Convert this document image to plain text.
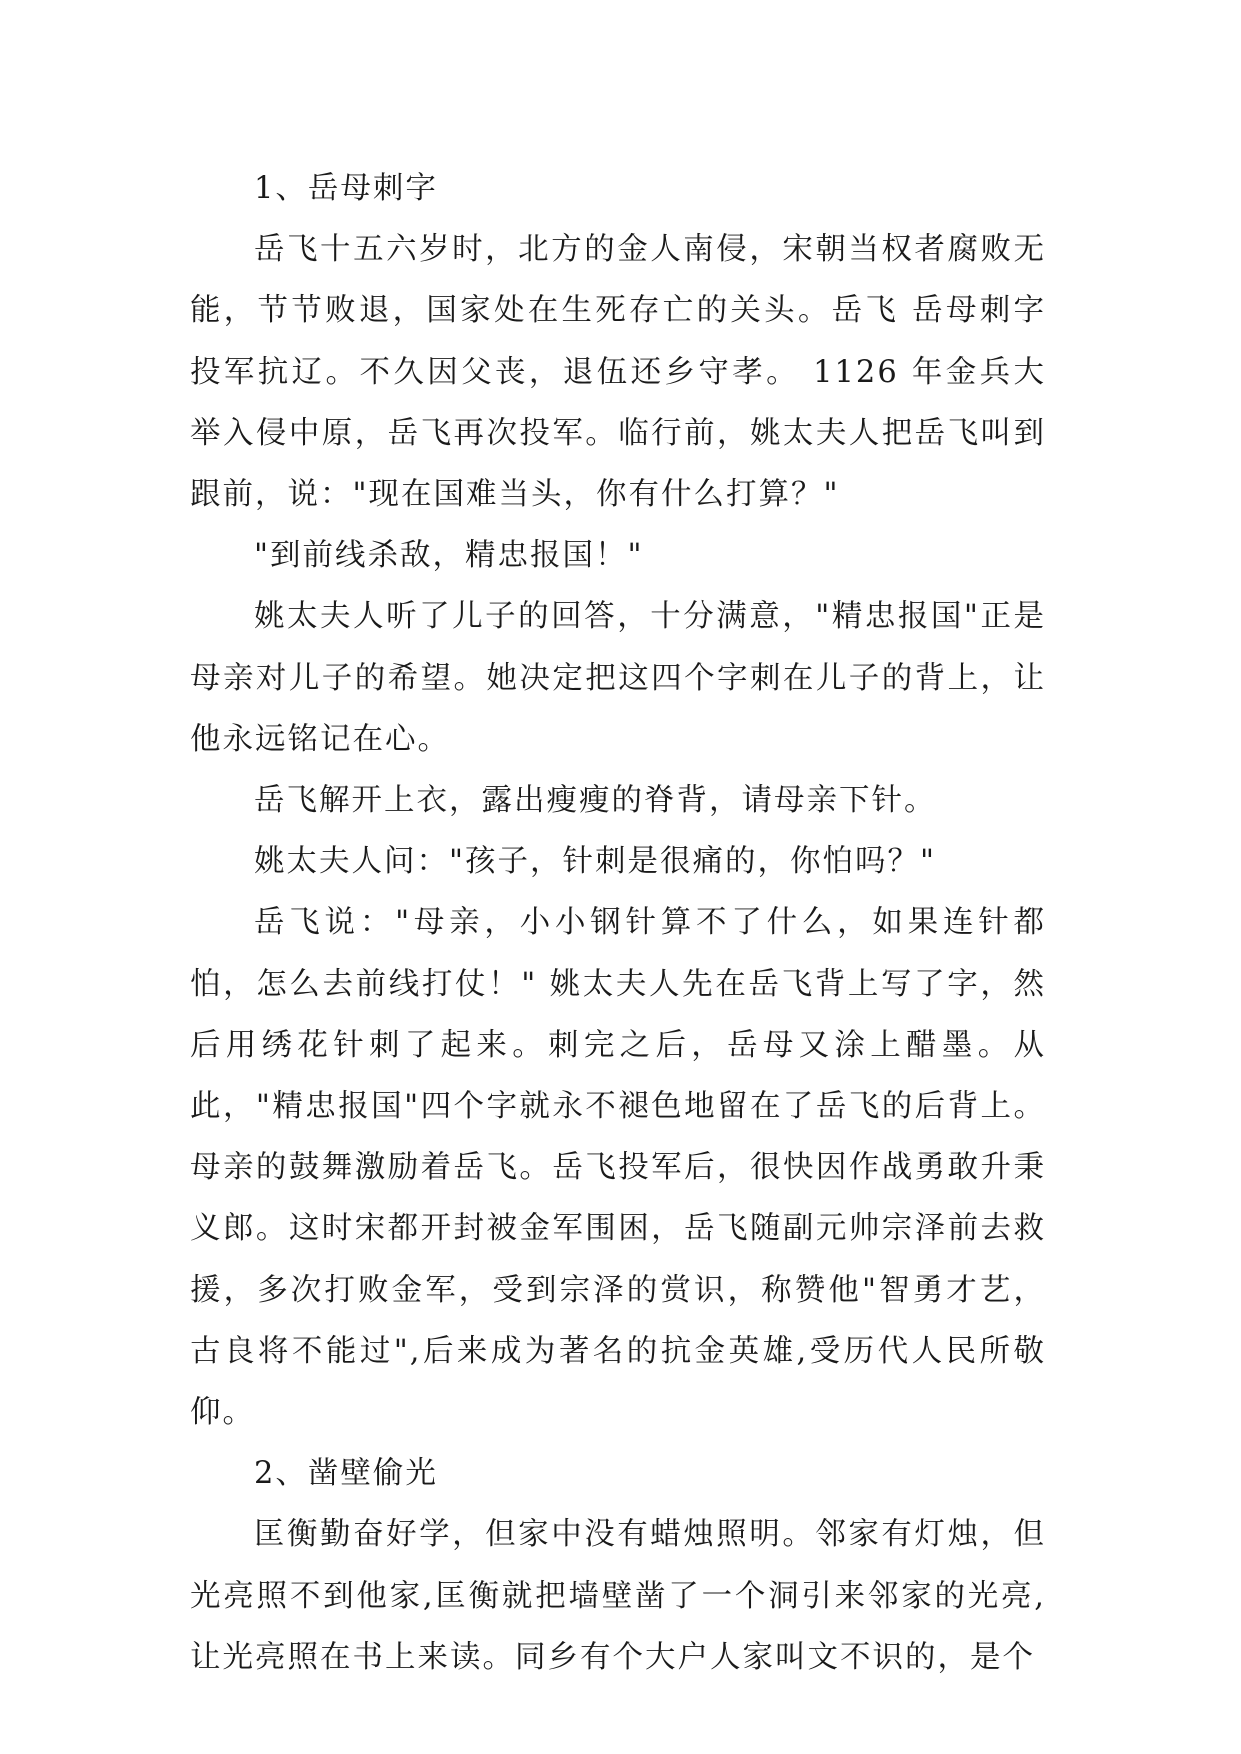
1、岳母刺字

岳飞十五六岁时，北方的金人南侵，宋朝当权者腐败无能，节节败退，国家处在生死存亡的关头。岳飞 岳母刺字投军抗辽。不久因父丧，退伍还乡守孝。 1126 年金兵大举入侵中原，岳飞再次投军。临行前，姚太夫人把岳飞叫到跟前，说："现在国难当头，你有什么打算？"

"到前线杀敌，精忠报国！"

姚太夫人听了儿子的回答，十分满意，"精忠报国"正是母亲对儿子的希望。她决定把这四个字刺在儿子的背上，让他永远铭记在心。

岳飞解开上衣，露出瘦瘦的脊背，请母亲下针。

姚太夫人问："孩子，针刺是很痛的，你怕吗？"

岳飞说："母亲，小小钢针算不了什么，如果连针都怕，怎么去前线打仗！" 姚太夫人先在岳飞背上写了字，然后用绣花针刺了起来。刺完之后，岳母又涂上醋墨。从此，"精忠报国"四个字就永不褪色地留在了岳飞的后背上。 母亲的鼓舞激励着岳飞。岳飞投军后，很快因作战勇敢升秉义郎。这时宋都开封被金军围困，岳飞随副元帅宗泽前去救援，多次打败金军，受到宗泽的赏识，称赞他"智勇才艺，古良将不能过",后来成为著名的抗金英雄,受历代人民所敬仰。

2、凿壁偷光

匡衡勤奋好学，但家中没有蜡烛照明。邻家有灯烛，但光亮照不到他家,匡衡就把墙壁凿了一个洞引来邻家的光亮,让光亮照在书上来读。同乡有个大户人家叫文不识的，是个
